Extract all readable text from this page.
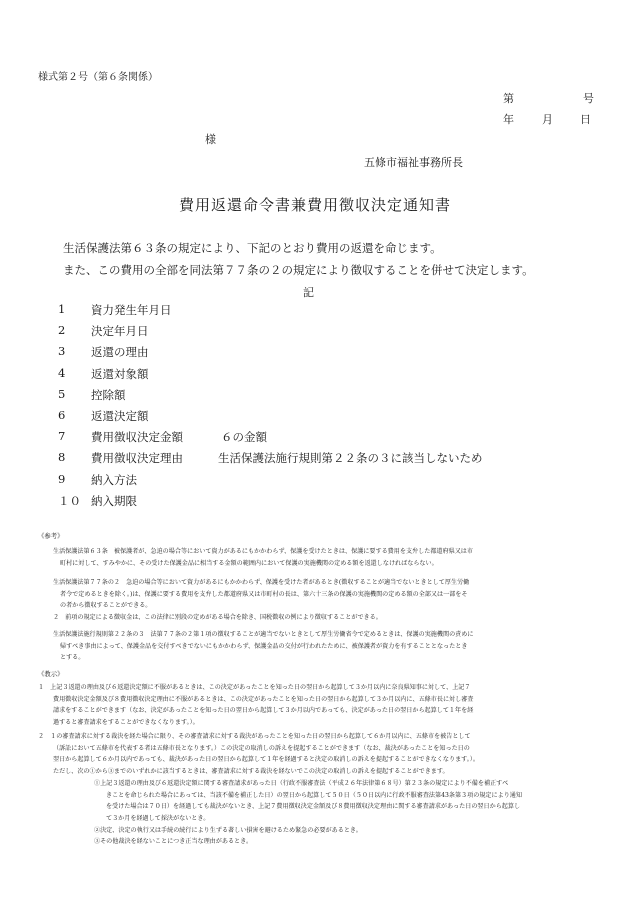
様式第２号（第６条関係）
第	号
年	月 日
様
五條市福祉事務所長
費用返還命令書兼費用徴収決定通知書
生活保護法第６３条の規定により、下記のとおり費用の返還を命じます。
また、この費用の全部を同法第７７条の２の規定により徴収することを併せて決定します。
記
1 資力発生年月日
2 決定年月日
3 返還の理由
4 返還対象額
5 控除額
6 返還決定額
7 費用徴収決定金額	６の金額
8 費用徴収決定理由	生活保護法施行規則第２２条の３に該当しないため
9 納入方法
１０ 納入期限
《参考》
生活保護法第６３条　被保護者が、急迫の場合等において資力があるにもかかわらず、保護を受けたときは、保護に要する費用を支弁した都道府県又は市
町村に対して、すみやかに、その受けた保護金品に相当する金額の範囲内において保護の実施機関の定める額を返還しなければならない。
生活保護法第７７条の２　急迫の場合等において資力があるにもかかわらず、保護を受けた者があるとき(徴収することが適当でないときとして厚生労働
者令で定めるときを除く。)は、保護に要する費用を支弁した都道府県又は市町村の長は、第六十三条の保護の実施機関の定める額の全部又は一部をそ
の者から徴収することができる。
２　前項の規定による徴収金は、この法律に別段の定めがある場合を除き、国税徴収の例により徴収することができる。
生活保護法施行規則第２２条の３　法第７７条の２第１項の徴収することが適当でないときとして厚生労働省令で定めるときは、保護の実施機関の責めに
帰すべき事由によって、保護金品を交付すべきでないにもかかわらず、保護金品の交付が行われたために、被保護者が資力を有することとなったとき
とする。
《教示》
１　上記３返還の理由及び６返還決定額に不服があるときは、この決定があったことを知った日の翌日から起算して３か月以内に奈良県知事に対して、上記７
費用徴収決定金額及び８費用徴収決定理由に不服があるときは、この決定があったことを知った日の翌日から起算して３か月以内に、五條市長に対し審査
請求をすることができます（なお、決定があったことを知った日の翌日から起算して３か月以内であっても、決定があった日の翌日から起算して１年を経
過すると審査請求をすることができなくなります。）。
２　１の審査請求に対する裁決を経た場合に限り、その審査請求に対する裁決があったことを知った日の翌日から起算して６か月以内に、五條市を被告として
（訴訟において五條市を代表する者は五條市長となります。）この決定の取消しの訴えを提起することができます（なお、裁決があったことを知った日の
翌日から起算して６か月以内であっても、裁決があった日の翌日から起算して１年を経過すると決定の取消しの訴えを提起することができなくなります。）。
ただし、次の①から③までのいずれかに該当するときは、審査請求に対する裁決を経ないでこの決定の取消しの訴えを提起することができます。
①上記３返還の理由及び６返還決定額に関する審査請求があった日（行政不服審査法（平成２６年法律第６８号）第２３条の規定により不備を補正すべ
きことを命じられた場合にあっては、当該不備を補正した日）の翌日から起算して５０日（５０日以内に行政不服審査法第43条第３項の規定により通知
を受けた場合は７０日）を経過しても裁決がないとき、上記７費用徴収決定金額及び８費用徴収決定理由に関する審査請求があった日の翌日から起算し
て３か月を経過して採決がないとき。
②決定、決定の執行又は手続の続行により生ずる著しい損害を避けるため緊急の必要があるとき。
③その他裁決を経ないことにつき正当な理由があるとき。
